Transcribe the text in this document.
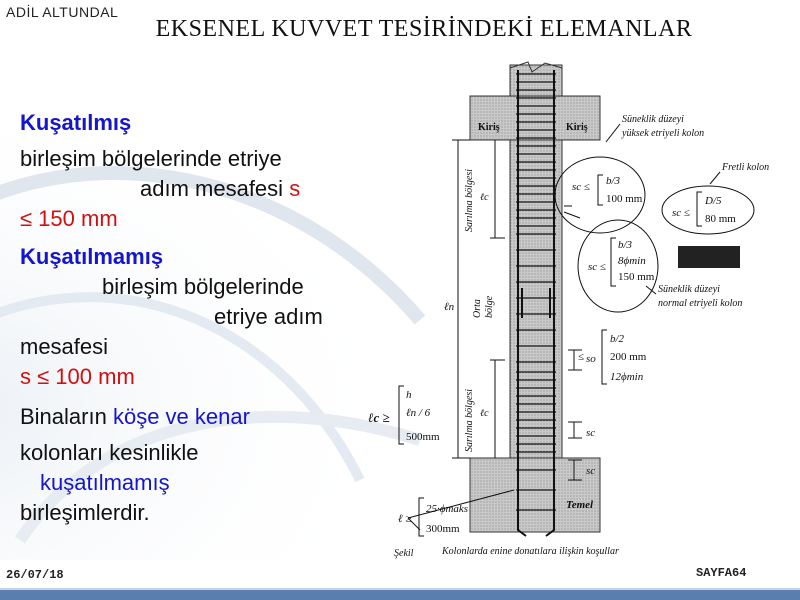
ADİL ALTUNDAL
EKSENEL KUVVET TESİRİNDEKİ ELEMANLAR
Kuşatılmış
birleşim bölgelerinde etriye
adım mesafesi s
≤ 150 mm
Kuşatılmamış
birleşim bölgelerinde
etriye adım
mesafesi
s ≤ 100 mm
Binaların köşe ve kenar
kolonları kesinlikle
kuşatılmamış
birleşimlerdir.
Kiriş	Kiriş
Sarılma bölgesi
Orta bölge
Sarılma bölgesi
ℓc
ℓc
ℓn
sc
sc
so
Süneklik düzeyi
yüksek etriyeli kolon
sc ≤ b/3
100 mm
Fretli kolon
sc ≤
D/5
80 mm
sc ≤
b/3
8ϕmin
150 mm
Süneklik düzeyi
normal etriyeli kolon
≤
b/2
200 mm
12ϕmin
ℓc ≥
h
ℓn / 6
500mm
Temel
ℓ ≥
25·ϕmaks
300mm
Şekil	Kolonlarda enine donatılara ilişkin koşullar
26/07/18	SAYFA64
